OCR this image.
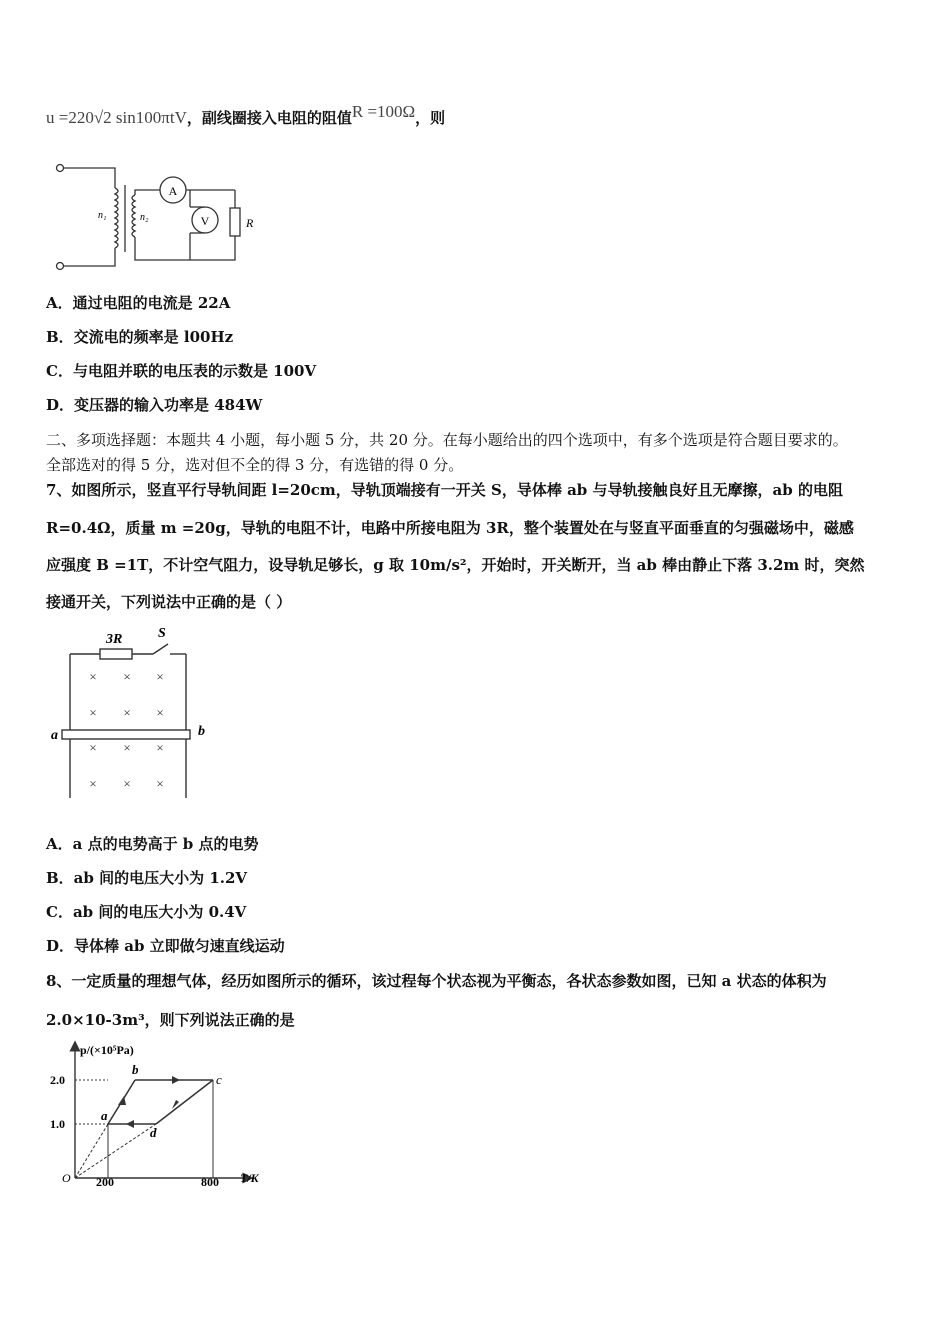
u =220√2 sin100πtV，副线圈接入电阻的阻值R =100Ω，则
A
V	R
n₁	n₂
A．通过电阻的电流是 22A
B．交流电的频率是 l00Hz
C．与电阻并联的电压表的示数是 100V
D．变压器的输入功率是 484W
二、多项选择题：本题共 4 小题，每小题 5 分，共 20 分。在每小题给出的四个选项中，有多个选项是符合题目要求的。
全部选对的得 5 分，选对但不全的得 3 分，有选错的得 0 分。
7、如图所示，竖直平行导轨间距 l=20cm，导轨顶端接有一开关 S，导体棒 ab 与导轨接触良好且无摩擦，ab 的电阻
R=0.4Ω，质量 m =20g，导轨的电阻不计，电路中所接电阻为 3R，整个装置处在与竖直平面垂直的匀强磁场中，磁感
应强度 B =1T，不计空气阻力，设导轨足够长，g 取 10m/s²，开始时，开关断开，当 ab 棒由静止下落 3.2m 时，突然
接通开关，下列说法中正确的是（ ）
3R	S
a	b
× × ×
× × ×
× × ×
× × ×
A．a 点的电势高于 b 点的电势
B．ab 间的电压大小为 1.2V
C．ab 间的电压大小为 0.4V
D．导体棒 ab 立即做匀速直线运动
8、一定质量的理想气体，经历如图所示的循环，该过程每个状态视为平衡态，各状态参数如图，已知 a 状态的体积为
2.0×10-3m³，则下列说法正确的是
p/(×10⁵Pa)
T/K
O
2.0
1.0
200	800
a
b
c
d
